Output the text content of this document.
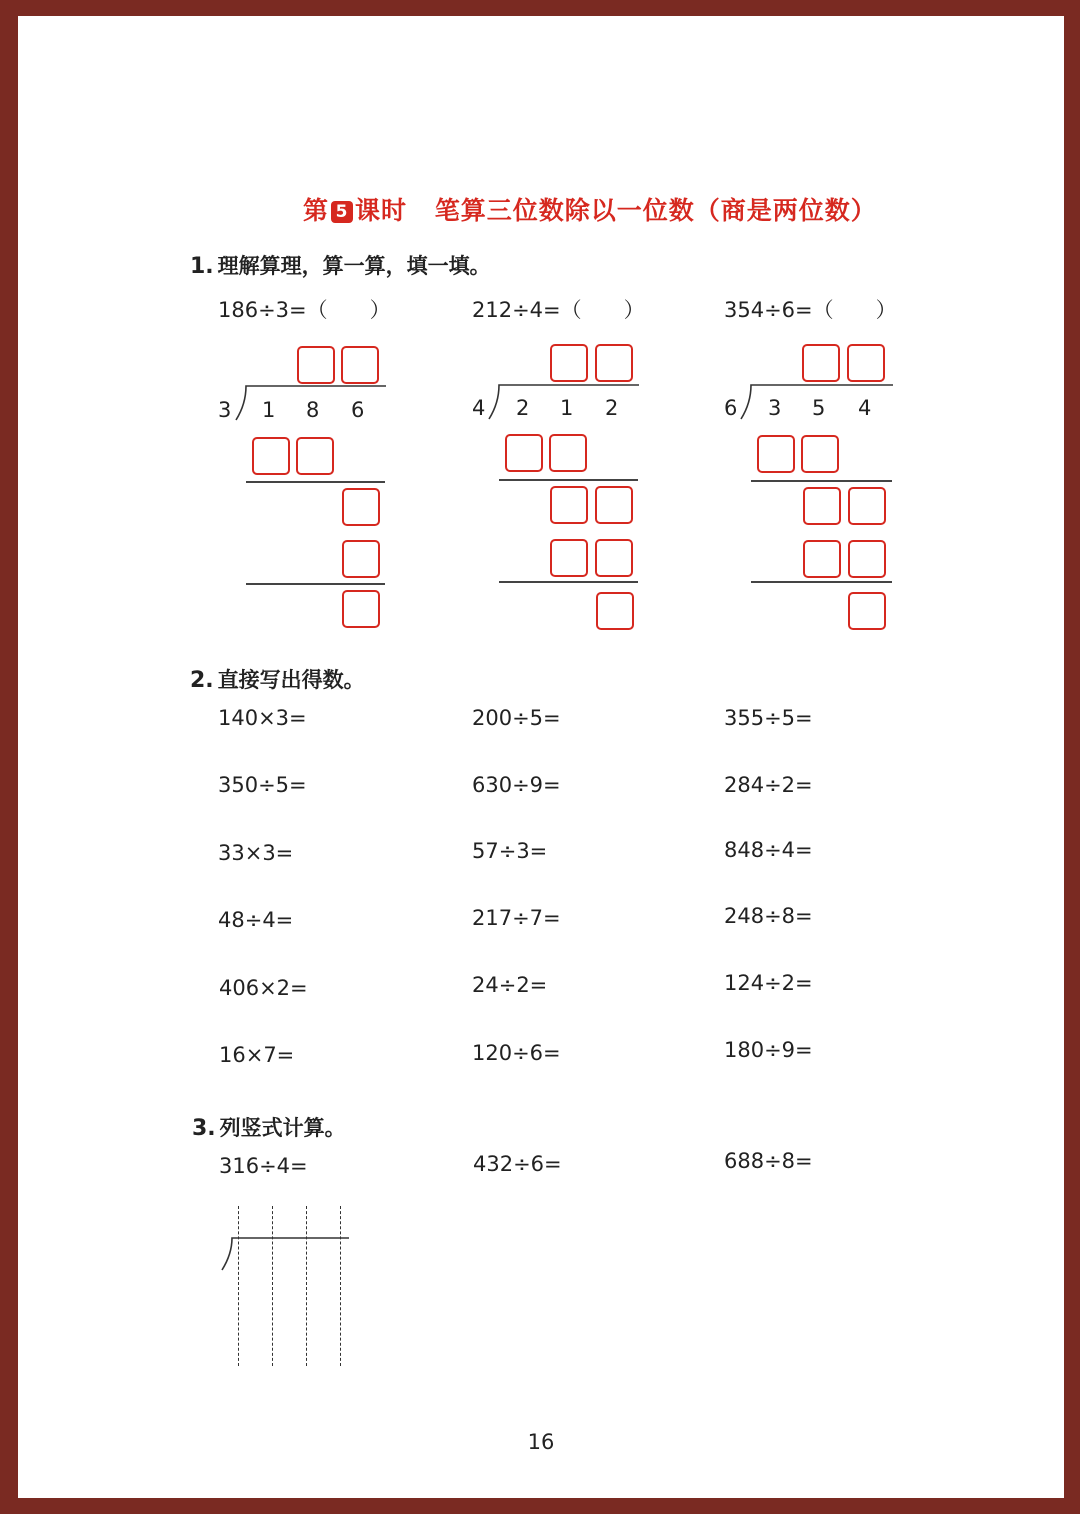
第 5 课时 笔算三位数除以一位数（商是两位数）
1. 理解算理，算一算，填一填。
186÷3=（　　）	212÷4=（　　）	354÷6=（　　）
3 1 8 6	4 2 1 2	6 3 5 4
2. 直接写出得数。
140×3=	200÷5=	355÷5=
350÷5=	630÷9=	284÷2=
33×3=	57÷3=	848÷4=
48÷4=	217÷7=	248÷8=
406×2=	24÷2=	124÷2=
16×7=	120÷6=	180÷9=
3. 列竖式计算。
316÷4=	432÷6=	688÷8=
16
